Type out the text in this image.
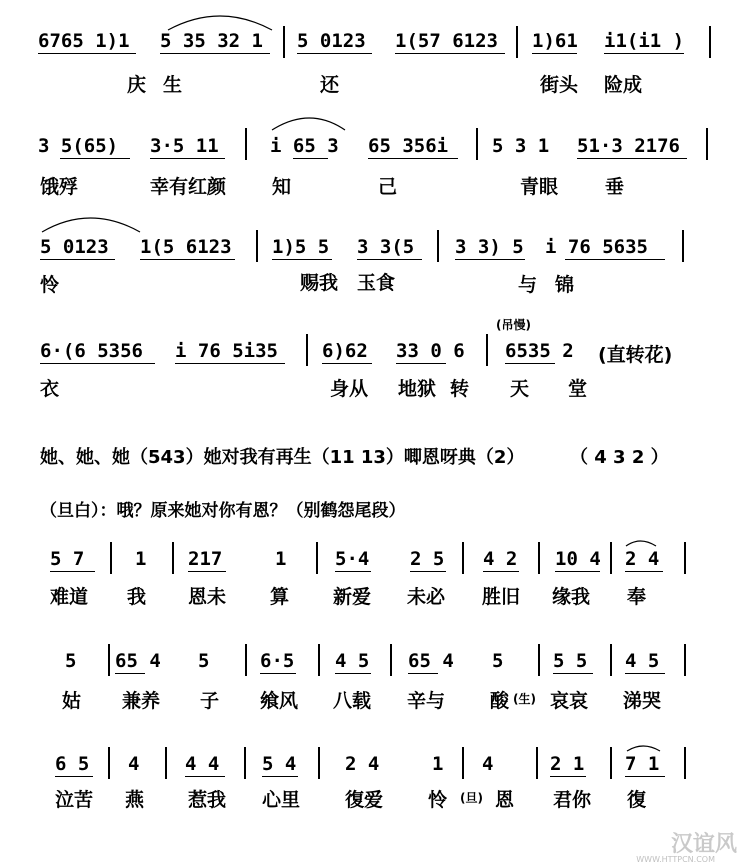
6765 1)1 5 35 32 1 5 0123 1(57 6123 1)61 i1(i1 )
庆 生	还	街头 险成
3 5(65) 3·5 11	i 65 3 65 356i 5 3 1 51·3 2176
饿 殍	幸有红颜 知	己	青眼 垂
5 0123 1(5 6123 1)5 5 3 3(5 3 3) 5 i 76 5635
怜	赐我 玉食	与 锦
(吊慢)
6·(6 5356 i 76 5i35 6)62 33 0 6 6535 2 (直转花)
衣	身从 地狱 转 天 堂
她、她、她（543）她对我有再生（11 13）唧恩呀典（2）	（ 4 3 2 ）
（旦白）：哦？原来她对你有恩？（别鹤怨尾段）
5 7	1 217	1	5·4 2 5 4 2 10 4 2 4
难道 我 恩未 算 新爱 未必 胜旧 缘我 奉
5 65 4 5	6·5 4 5 65 4 5	5 5 4 5
姑 兼养 子 飨风 八载 辛与 酸 (生) 哀哀 涕哭
6 5 4 4 4 5 4	2 4	1 4	2 1 7 1
泣苦 燕 惹我 心里 復爱 怜 (旦) 恩 君你 復
汉谊风
WWW.HTTPCN.COM
